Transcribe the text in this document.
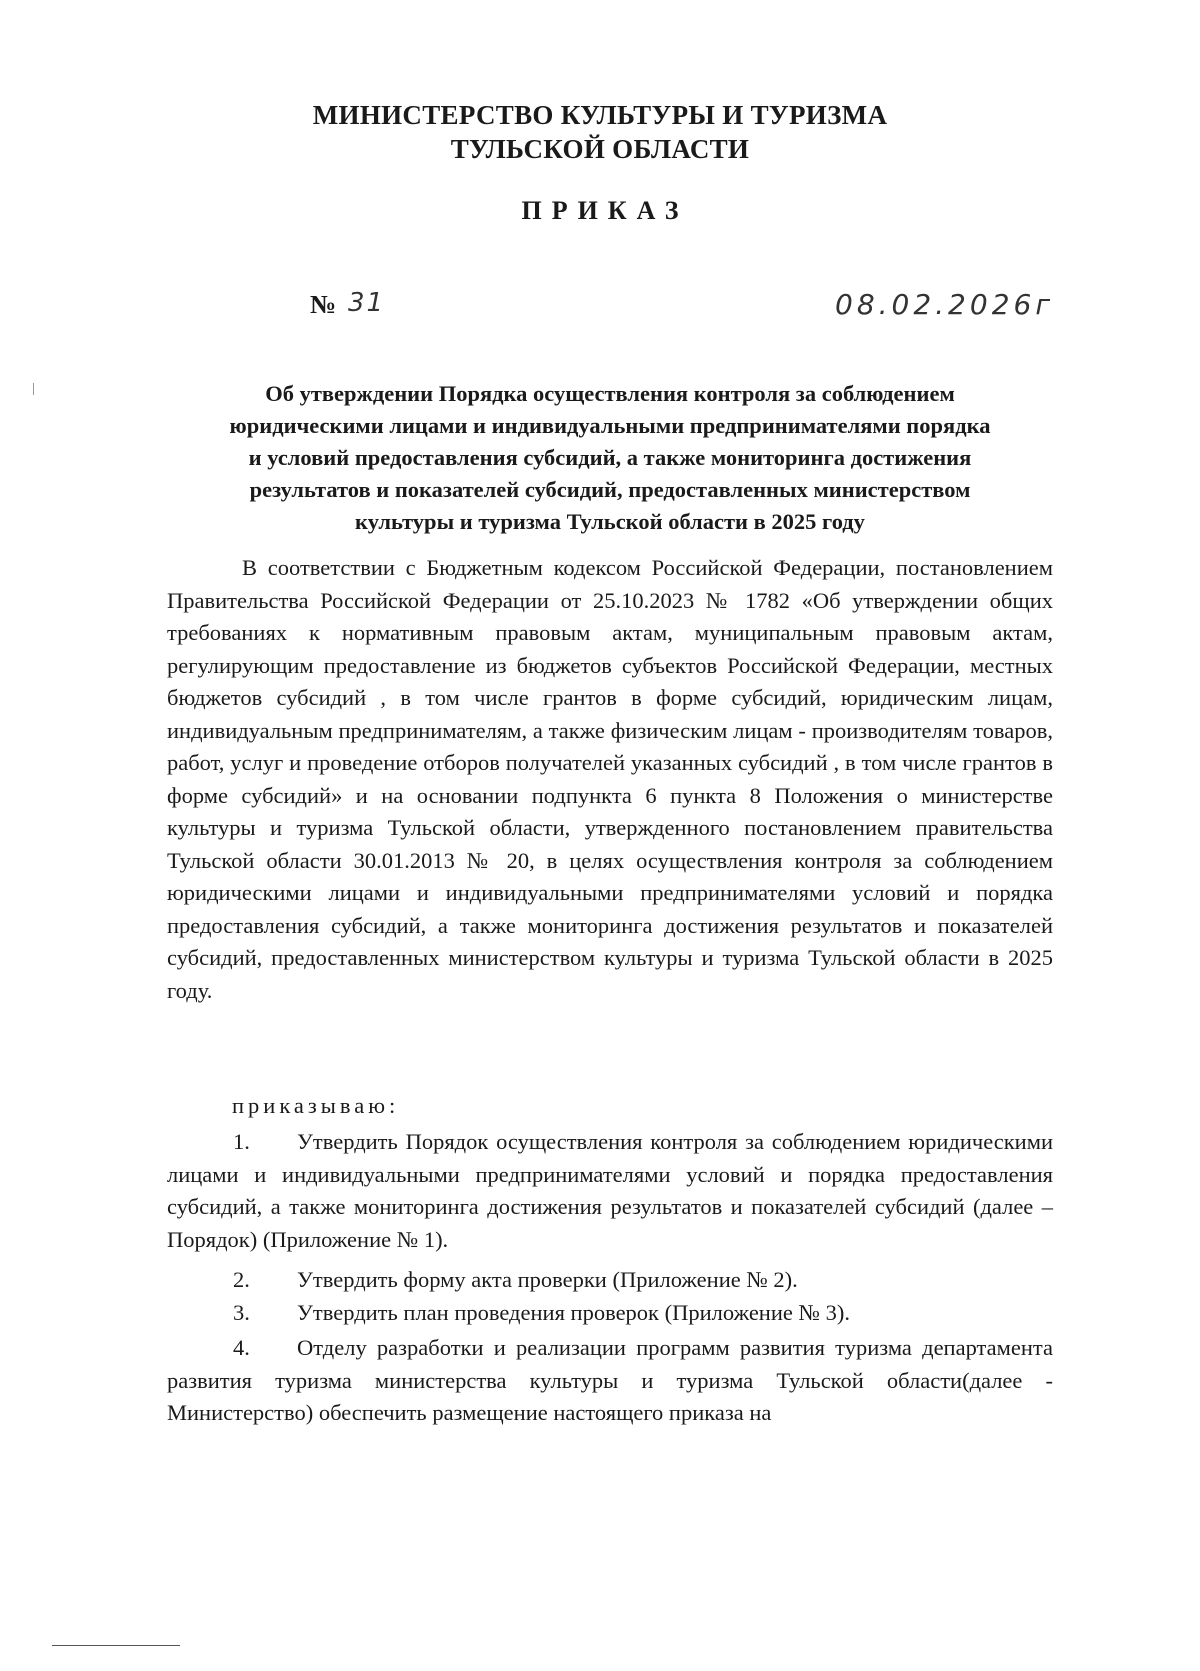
МИНИСТЕРСТВО КУЛЬТУРЫ И ТУРИЗМА
ТУЛЬСКОЙ ОБЛАСТИ
ПРИКАЗ
№ 31	08.02.2026г
Об утверждении Порядка осуществления контроля за соблюдением
юридическими лицами и индивидуальными предпринимателями порядка
и условий предоставления субсидий, а также мониторинга достижения
результатов и показателей субсидий, предоставленных министерством
культуры и туризма Тульской области в 2025 году
В соответствии с Бюджетным кодексом Российской Федерации, постановлением Правительства Российской Федерации от 25.10.2023 № 1782 «Об утверждении общих требованиях к нормативным правовым актам, муниципальным правовым актам, регулирующим предоставление из бюджетов субъектов Российской Федерации, местных бюджетов субсидий , в том числе грантов в форме субсидий, юридическим лицам, индивидуальным предпринимателям, а также физическим лицам - производителям товаров, работ, услуг и проведение отборов получателей указанных субсидий , в том числе грантов в форме субсидий» и на основании подпункта 6 пункта 8 Положения о министерстве культуры и туризма Тульской области, утвержденного постановлением правительства Тульской области 30.01.2013 № 20, в целях осуществления контроля за соблюдением юридическими лицами и индивидуальными предпринимателями условий и порядка предоставления субсидий, а также мониторинга достижения результатов и показателей субсидий, предоставленных министерством культуры и туризма Тульской области в 2025 году.
приказываю:
1. Утвердить Порядок осуществления контроля за соблюдением юридическими лицами и индивидуальными предпринимателями условий и порядка предоставления субсидий, а также мониторинга достижения результатов и показателей субсидий (далее – Порядок) (Приложение № 1).
2. Утвердить форму акта проверки (Приложение № 2).
3. Утвердить план проведения проверок (Приложение № 3).
4. Отделу разработки и реализации программ развития туризма департамента развития туризма министерства культуры и туризма Тульской области(далее - Министерство) обеспечить размещение настоящего приказа на
